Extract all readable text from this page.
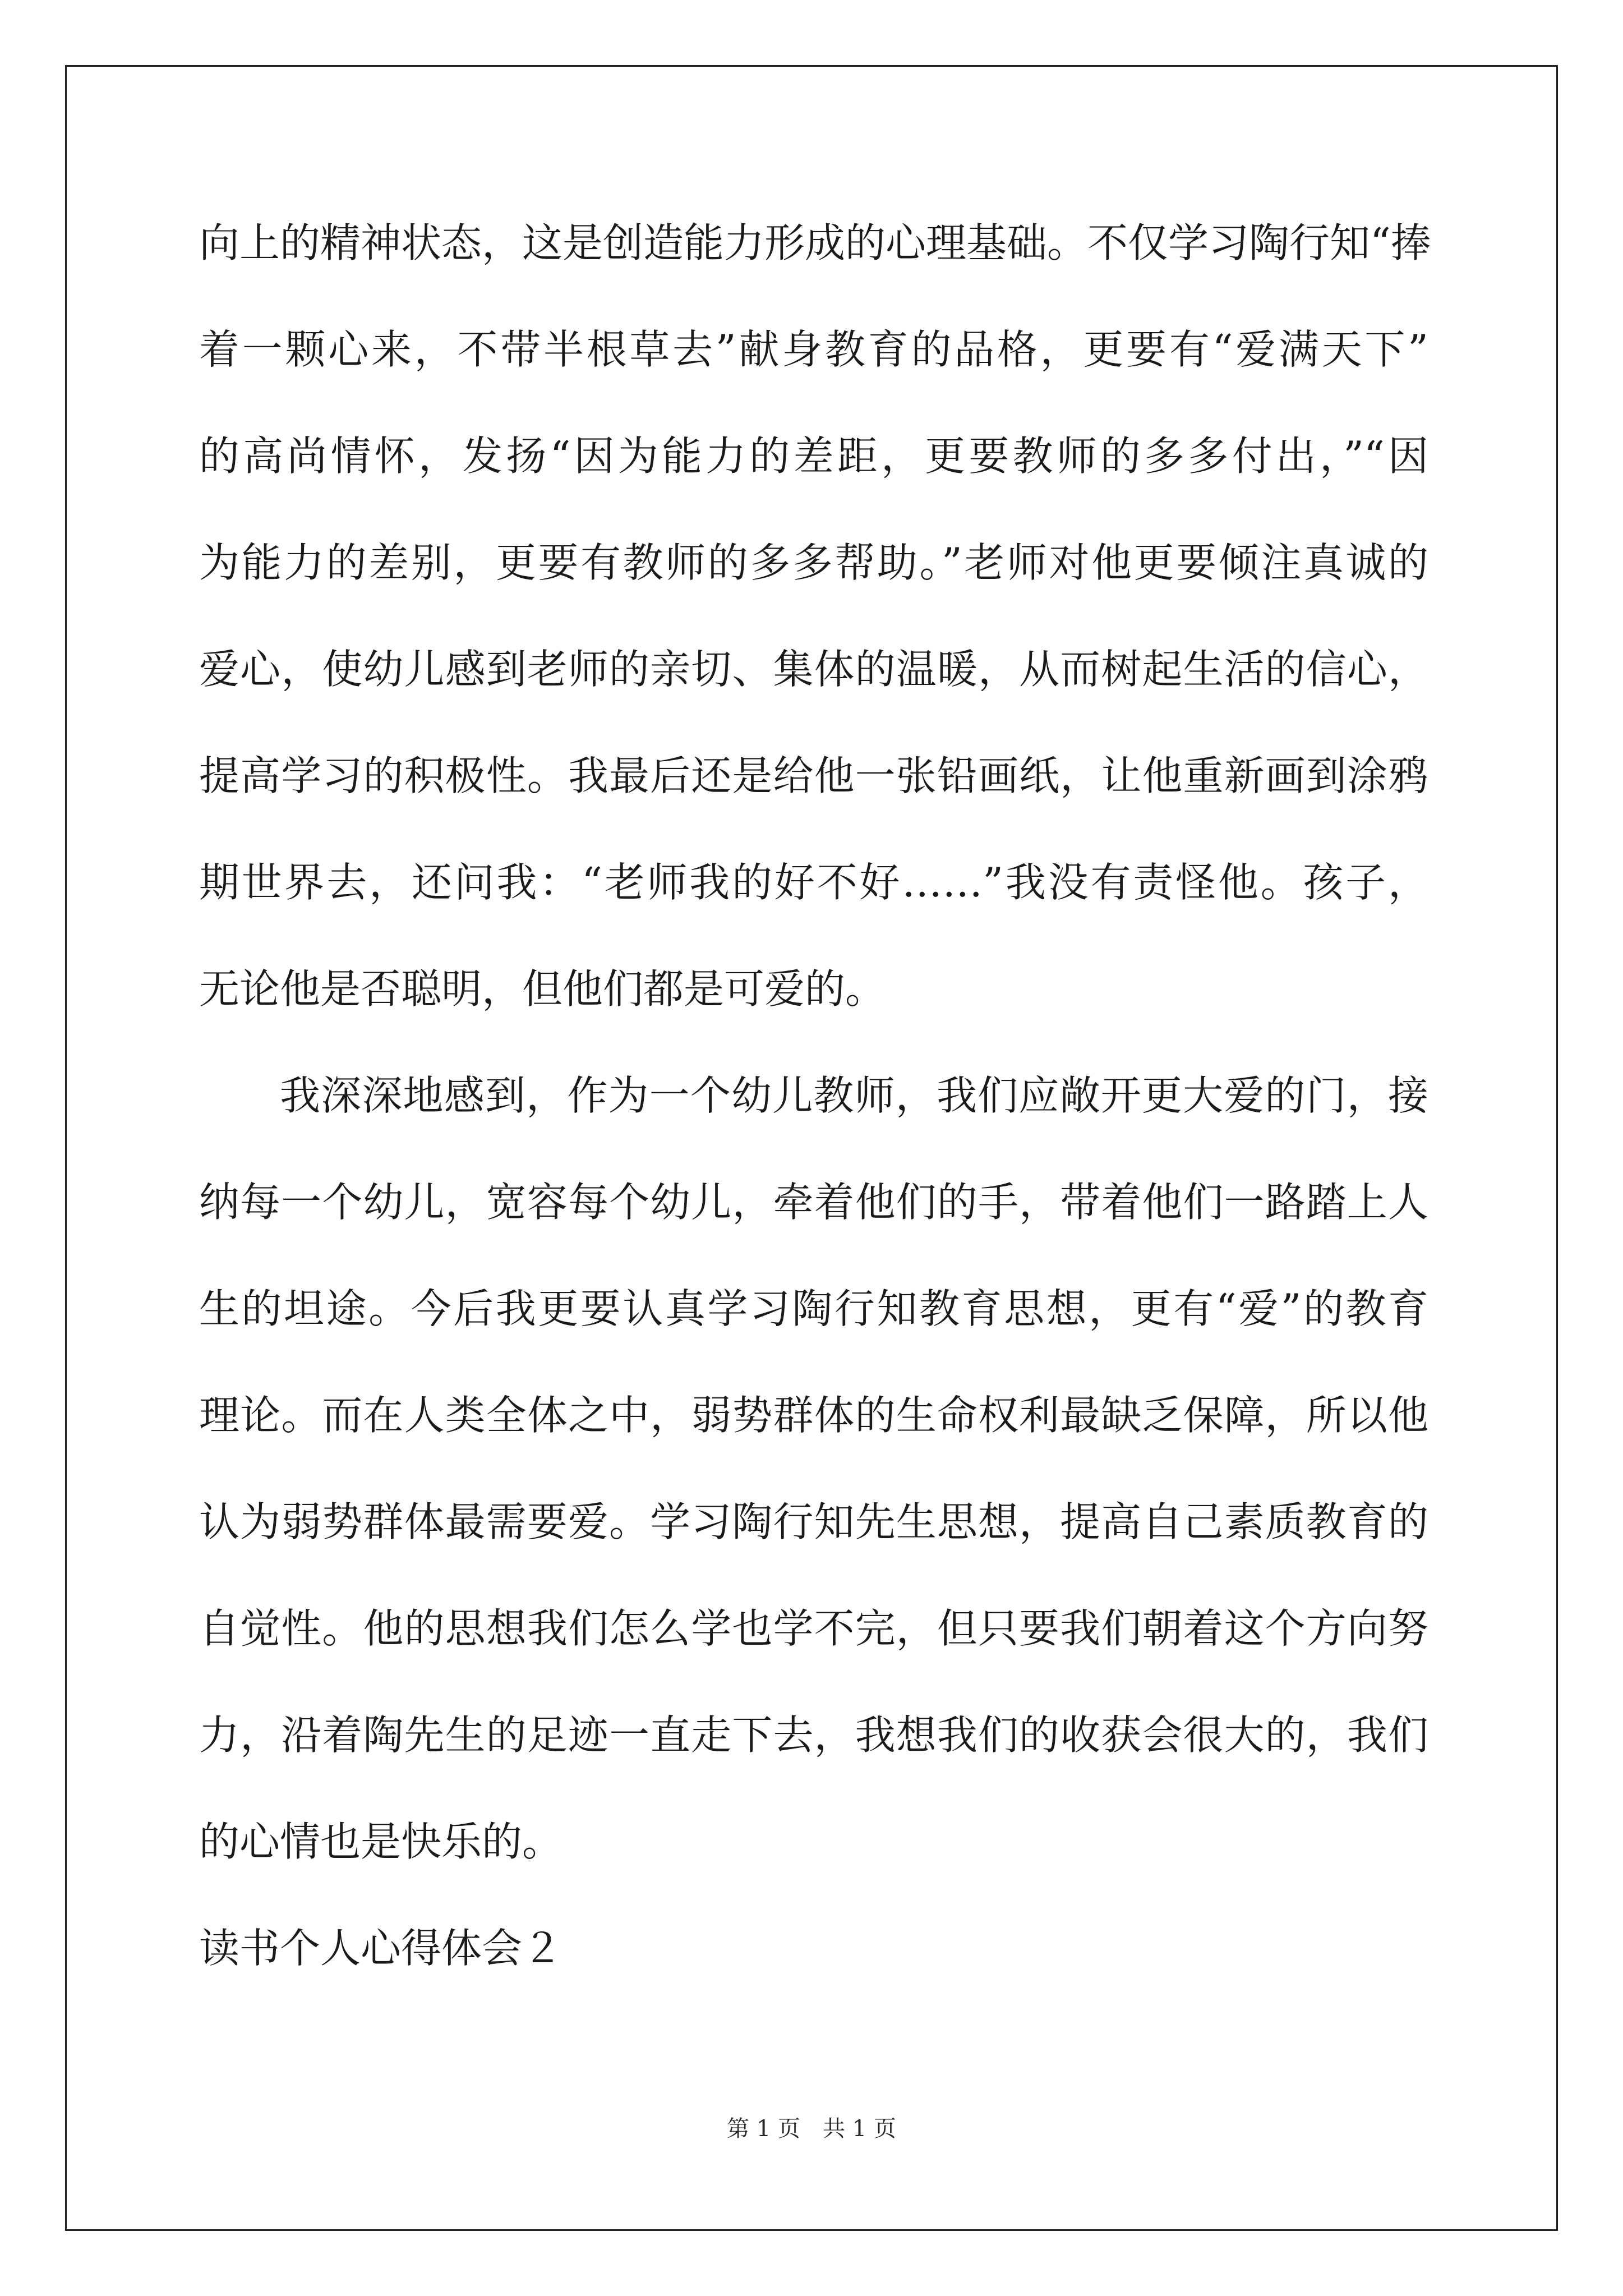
向上的精神状态，这是创造能力形成的心理基础。不仅学习陶行知“捧
着一颗心来，不带半根草去”献身教育的品格，更要有“爱满天下”
的高尚情怀，发扬“因为能力的差距，更要教师的多多付出，”“因
为能力的差别，更要有教师的多多帮助。”老师对他更要倾注真诚的
爱心，使幼儿感到老师的亲切、集体的温暖，从而树起生活的信心，
提高学习的积极性。我最后还是给他一张铅画纸，让他重新画到涂鸦
期世界去，还问我：“老师我的好不好……”我没有责怪他。孩子，
无论他是否聪明，但他们都是可爱的。
我深深地感到，作为一个幼儿教师，我们应敞开更大爱的门，接
纳每一个幼儿，宽容每个幼儿，牵着他们的手，带着他们一路踏上人
生的坦途。今后我更要认真学习陶行知教育思想，更有“爱”的教育
理论。而在人类全体之中，弱势群体的生命权利最缺乏保障，所以他
认为弱势群体最需要爱。学习陶行知先生思想，提高自己素质教育的
自觉性。他的思想我们怎么学也学不完，但只要我们朝着这个方向努
力，沿着陶先生的足迹一直走下去，我想我们的收获会很大的，我们
的心情也是快乐的。
读书个人心得体会２
第 1 页　共 1 页
